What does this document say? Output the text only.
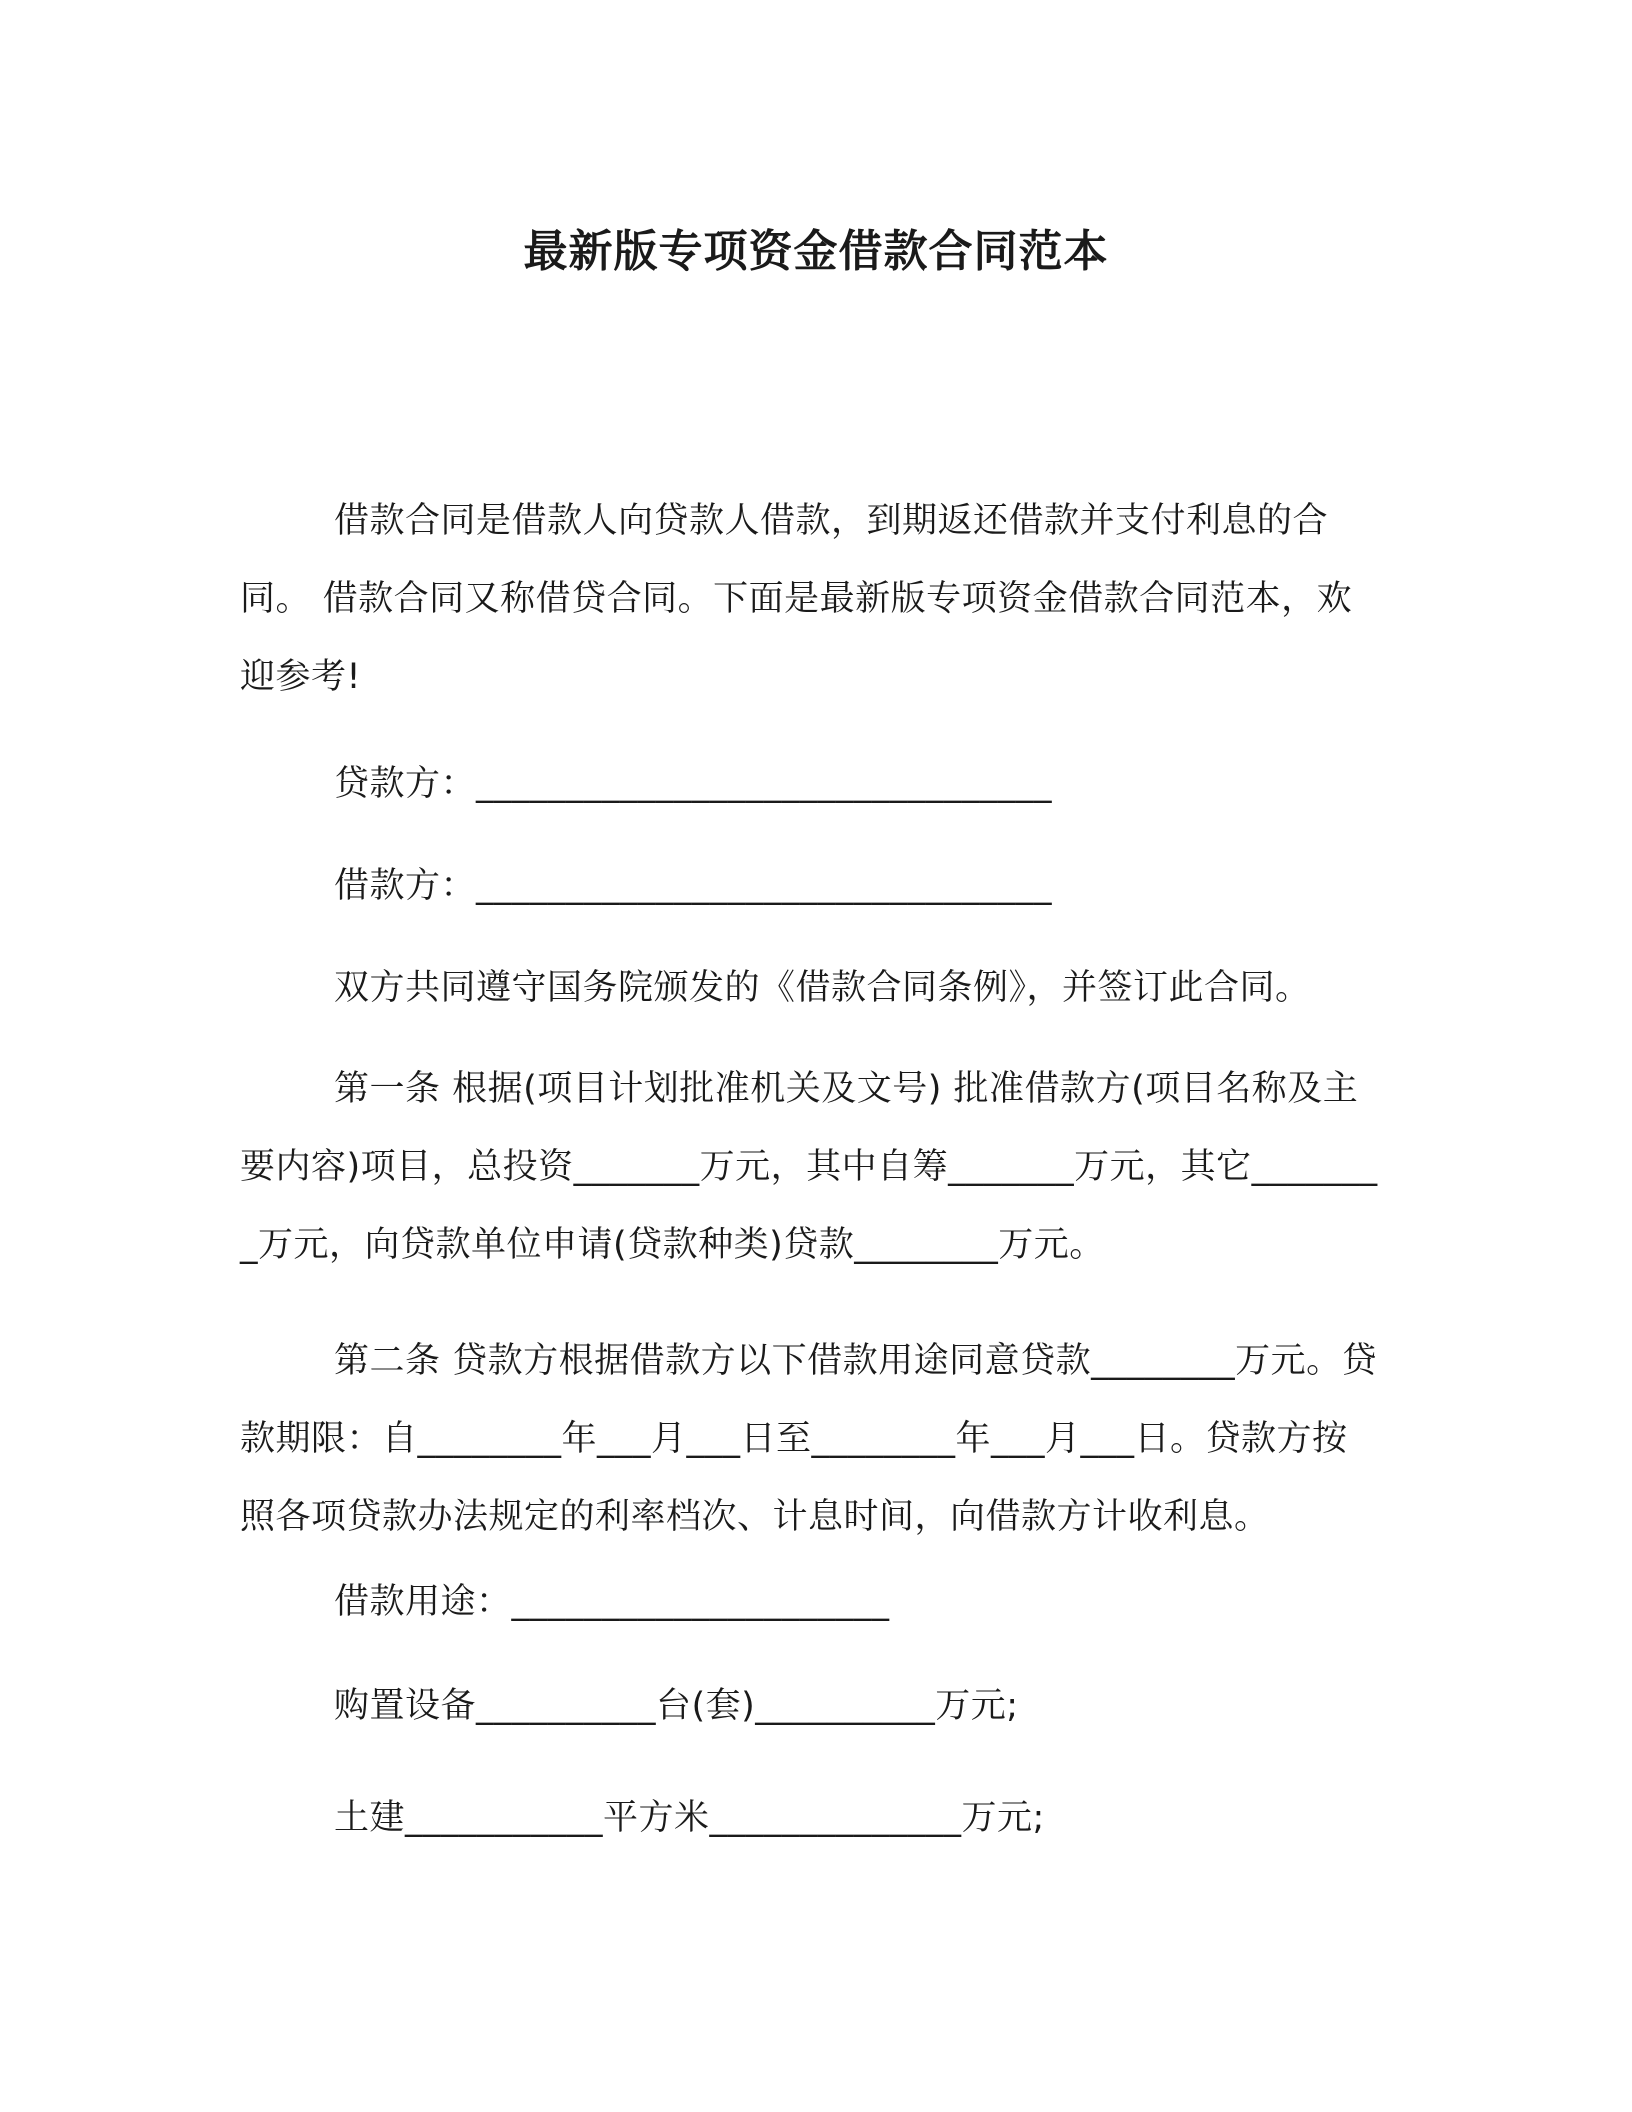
最新版专项资金借款合同范本
借款合同是借款人向贷款人借款，到期返还借款并支付利息的合同。 借款合同又称借贷合同。下面是最新版专项资金借款合同范本，欢迎参考!
贷款方：________________________________
借款方：________________________________
双方共同遵守国务院颁发的《借款合同条例》，并签订此合同。
第一条 根据(项目计划批准机关及文号) 批准借款方(项目名称及主要内容)项目，总投资_______万元，其中自筹_______万元，其它________万元，向贷款单位申请(贷款种类)贷款________万元。
第二条 贷款方根据借款方以下借款用途同意贷款________万元。贷款期限：自________年___月___日至________年___月___日。贷款方按照各项贷款办法规定的利率档次、计息时间，向借款方计收利息。
借款用途：_____________________
购置设备__________台(套)__________万元;
土建___________平方米______________万元;
